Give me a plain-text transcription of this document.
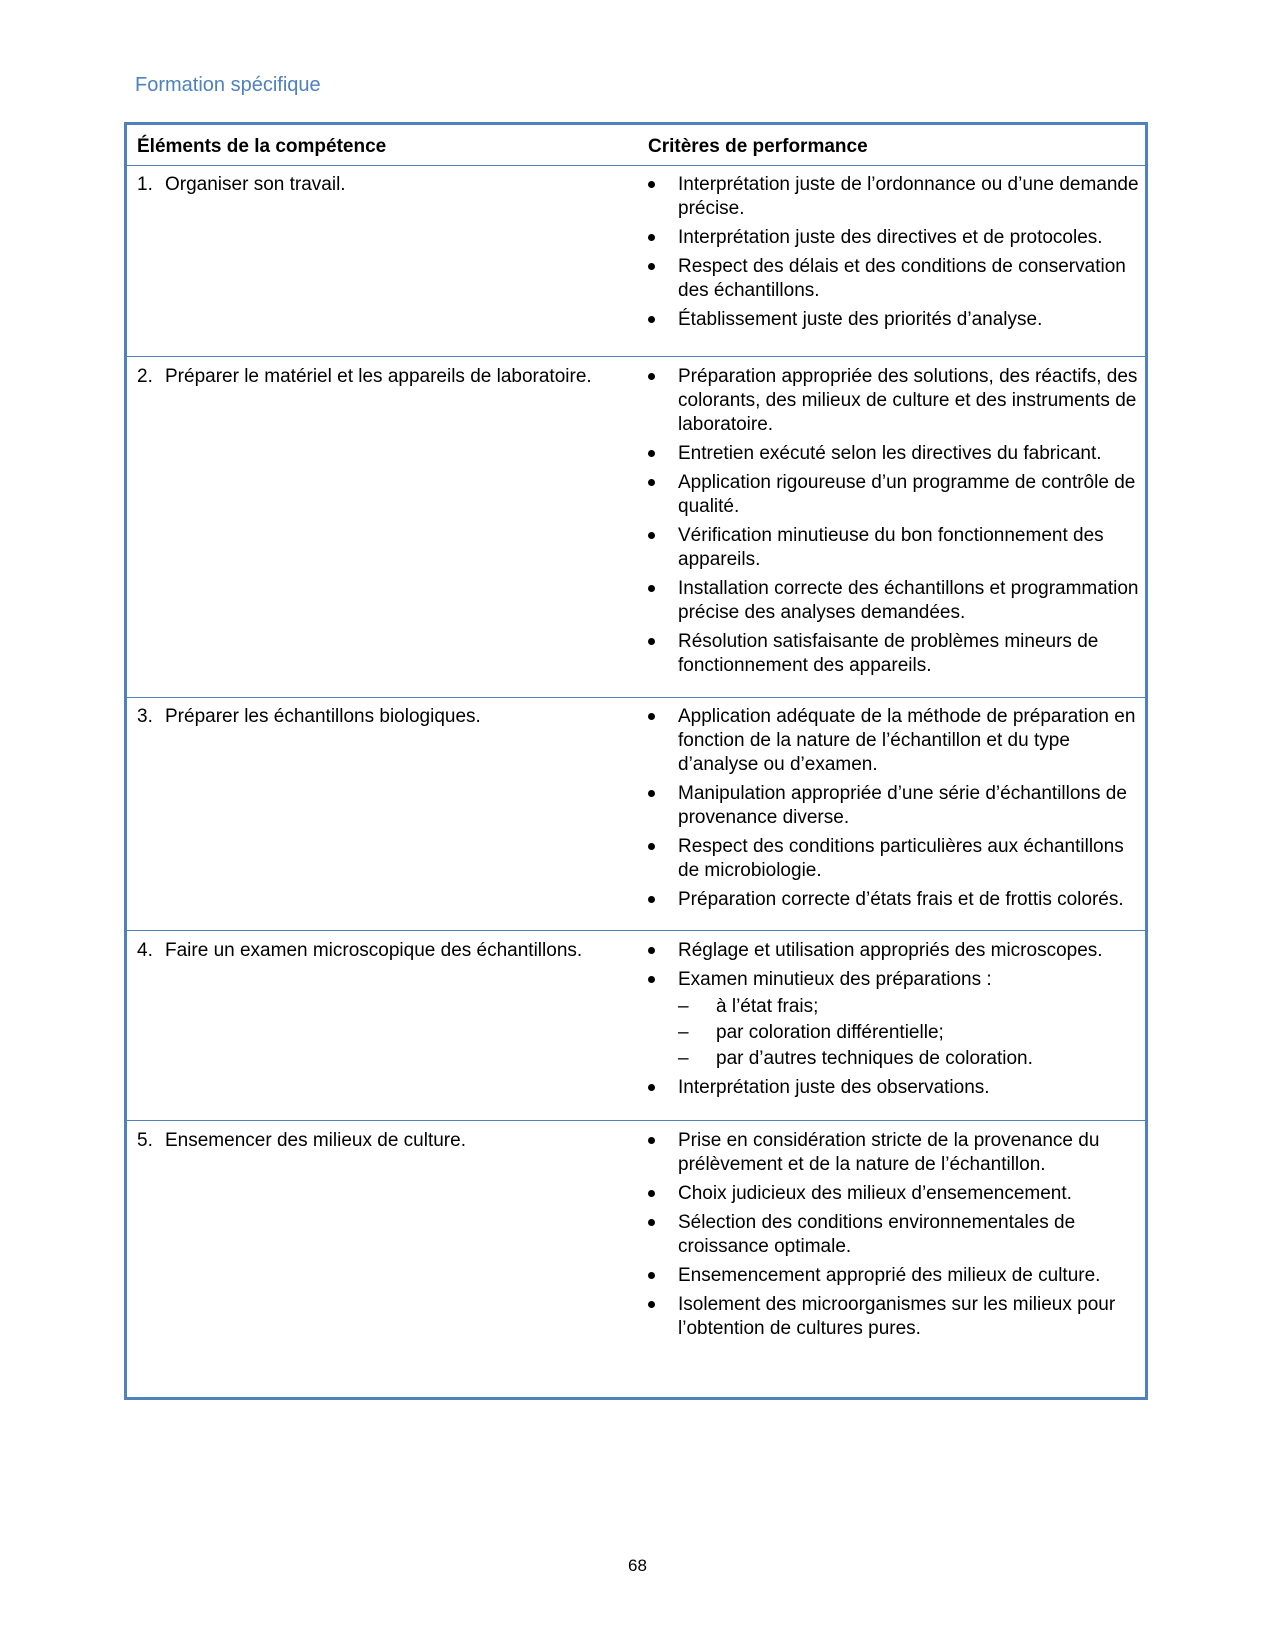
Formation spécifique
Éléments de la compétence	Critères de performance
1. Organiser son travail.	Interprétation juste de l’ordonnance ou d’une demande précise.
Interprétation juste des directives et de protocoles.
Respect des délais et des conditions de conservation des échantillons.
Établissement juste des priorités d’analyse.
2. Préparer le matériel et les appareils de laboratoire.	Préparation appropriée des solutions, des réactifs, des colorants, des milieux de culture et des instruments de laboratoire.
Entretien exécuté selon les directives du fabricant.
Application rigoureuse d’un programme de contrôle de qualité.
Vérification minutieuse du bon fonctionnement des appareils.
Installation correcte des échantillons et programmation précise des analyses demandées.
Résolution satisfaisante de problèmes mineurs de fonctionnement des appareils.
3. Préparer les échantillons biologiques.	Application adéquate de la méthode de préparation en fonction de la nature de l’échantillon et du type d’analyse ou d’examen.
Manipulation appropriée d’une série d’échantillons de provenance diverse.
Respect des conditions particulières aux échantillons de microbiologie.
Préparation correcte d’états frais et de frottis colorés.
4. Faire un examen microscopique des échantillons.	Réglage et utilisation appropriés des microscopes.
Examen minutieux des préparations :
– à l’état frais;
– par coloration différentielle;
– par d’autres techniques de coloration.
Interprétation juste des observations.
5. Ensemencer des milieux de culture.	Prise en considération stricte de la provenance du prélèvement et de la nature de l’échantillon.
Choix judicieux des milieux d’ensemencement.
Sélection des conditions environnementales de croissance optimale.
Ensemencement approprié des milieux de culture.
Isolement des microorganismes sur les milieux pour l’obtention de cultures pures.
68
